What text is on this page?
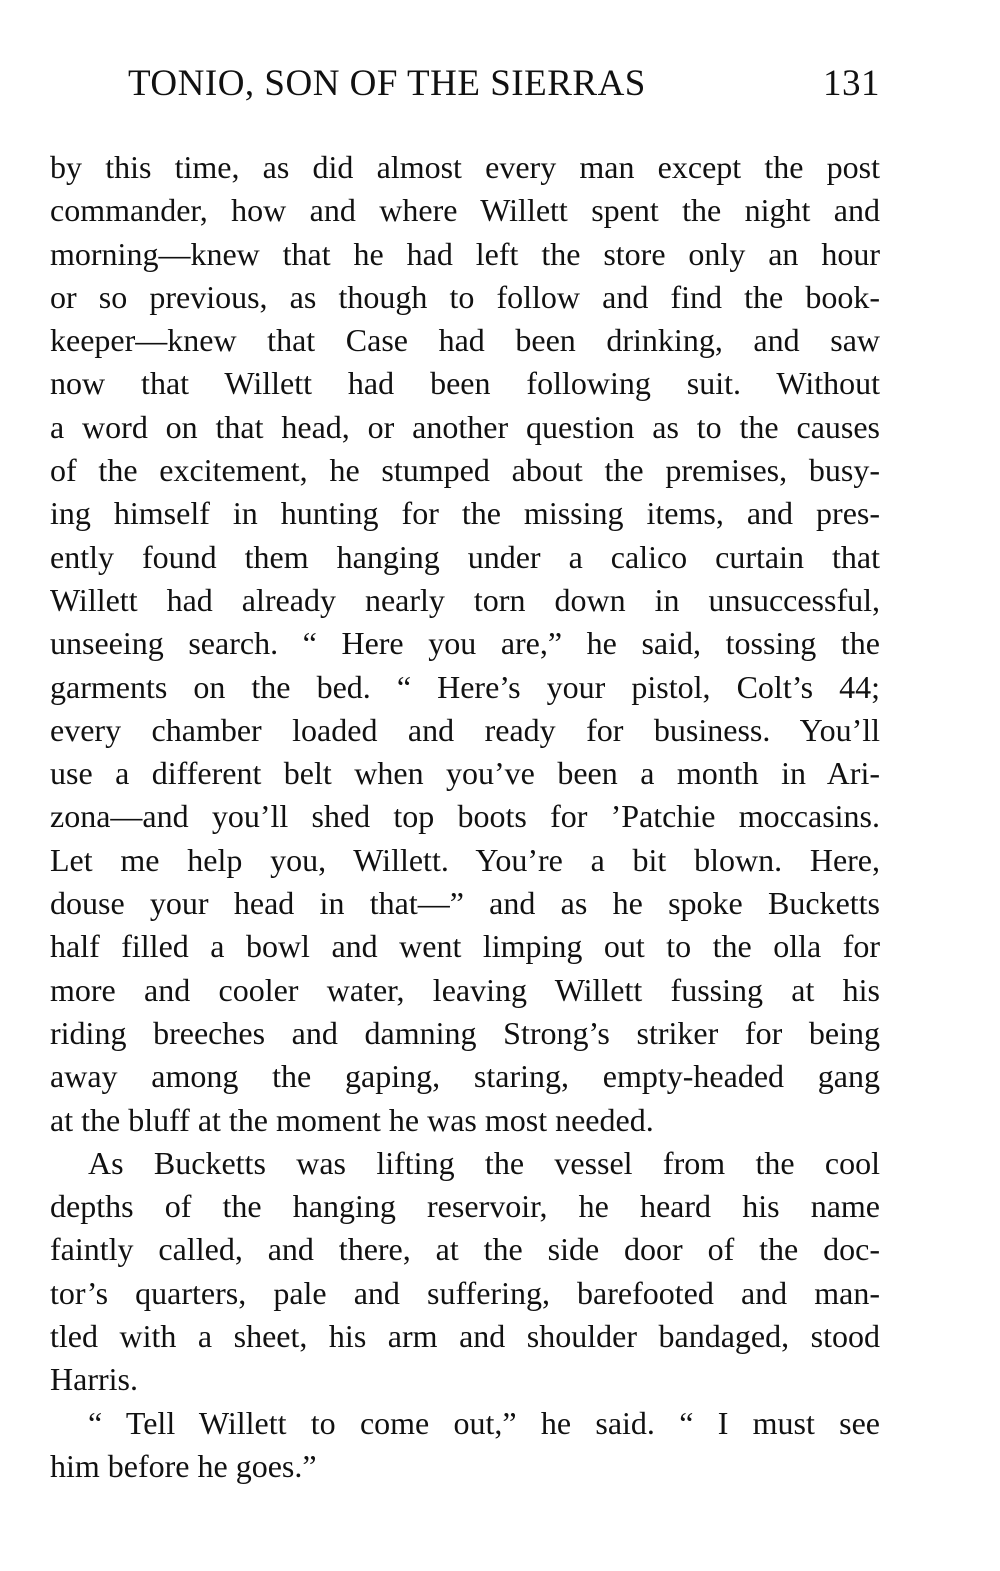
TONIO, SON OF THE SIERRAS	131

by this time, as did almost every man except the post
commander, how and where Willett spent the night and
morning—knew that he had left the store only an hour
or so previous, as though to follow and find the book-
keeper—knew that Case had been drinking, and saw
now that Willett had been following suit. Without
a word on that head, or another question as to the causes
of the excitement, he stumped about the premises, busy-
ing himself in hunting for the missing items, and pres-
ently found them hanging under a calico curtain that
Willett had already nearly torn down in unsuccessful,
unseeing search. “ Here you are,” he said, tossing the
garments on the bed. “ Here’s your pistol, Colt’s 44;
every chamber loaded and ready for business. You’ll
use a different belt when you’ve been a month in Ari-
zona—and you’ll shed top boots for ’Patchie moccasins.
Let me help you, Willett. You’re a bit blown. Here,
douse your head in that—” and as he spoke Bucketts
half filled a bowl and went limping out to the olla for
more and cooler water, leaving Willett fussing at his
riding breeches and damning Strong’s striker for being
away among the gaping, staring, empty-headed gang
at the bluff at the moment he was most needed.

As Bucketts was lifting the vessel from the cool
depths of the hanging reservoir, he heard his name
faintly called, and there, at the side door of the doc-
tor’s quarters, pale and suffering, barefooted and man-
tled with a sheet, his arm and shoulder bandaged, stood
Harris.

“ Tell Willett to come out,” he said. “ I must see
him before he goes.”
